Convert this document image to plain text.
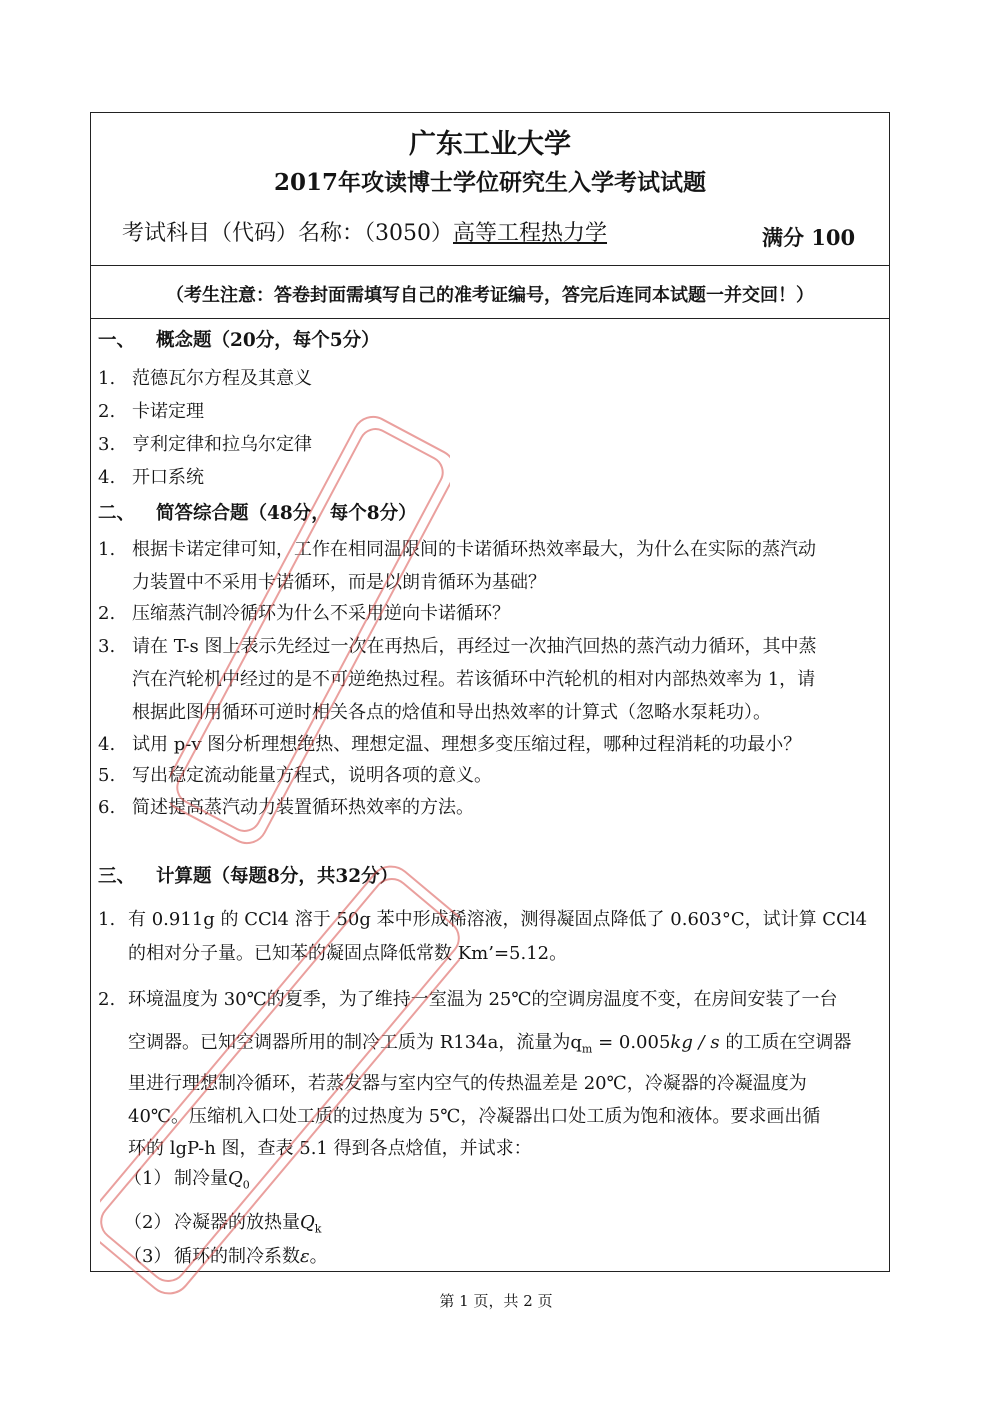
广东工业大学
2017年攻读博士学位研究生入学考试试题
考试科目（代码）名称：（3050）高等工程热力学	满分 100
（考生注意：答卷封面需填写自己的准考证编号，答完后连同本试题一并交回！）
一、 概念题（20分，每个5分）
1. 范德瓦尔方程及其意义
2. 卡诺定理
3. 亨利定律和拉乌尔定律
4. 开口系统
二、 简答综合题（48分，每个8分）
1. 根据卡诺定律可知，工作在相同温限间的卡诺循环热效率最大，为什么在实际的蒸汽动
力装置中不采用卡诺循环，而是以朗肯循环为基础？
2. 压缩蒸汽制冷循环为什么不采用逆向卡诺循环？
3. 请在 T-s 图上表示先经过一次在再热后，再经过一次抽汽回热的蒸汽动力循环，其中蒸
汽在汽轮机中经过的是不可逆绝热过程。若该循环中汽轮机的相对内部热效率为 1，请
根据此图用循环可逆时相关各点的焓值和导出热效率的计算式（忽略水泵耗功）。
4. 试用 p-v 图分析理想绝热、理想定温、理想多变压缩过程，哪种过程消耗的功最小？
5. 写出稳定流动能量方程式，说明各项的意义。
6. 简述提高蒸汽动力装置循环热效率的方法。
三、 计算题（每题8分，共32分）
1. 有 0.911g 的 CCl4 溶于 50g 苯中形成稀溶液，测得凝固点降低了 0.603°C，试计算 CCl4
的相对分子量。已知苯的凝固点降低常数 Km’=5.12。
2. 环境温度为 30℃的夏季，为了维持一室温为 25℃的空调房温度不变，在房间安装了一台
空调器。已知空调器所用的制冷工质为 R134a，流量为$q_m = 0.005kg / s$ 的工质在空调器
里进行理想制冷循环，若蒸发器与室内空气的传热温差是 20℃，冷凝器的冷凝温度为
40℃。压缩机入口处工质的过热度为 5℃，冷凝器出口处工质为饱和液体。要求画出循
环的 lgP-h 图，查表 5.1 得到各点焓值，并试求：
（1） 制冷量$Q_0$
（2） 冷凝器的放热量$Q_k$
（3） 循环的制冷系数ε。
第 1 页，共 2 页
